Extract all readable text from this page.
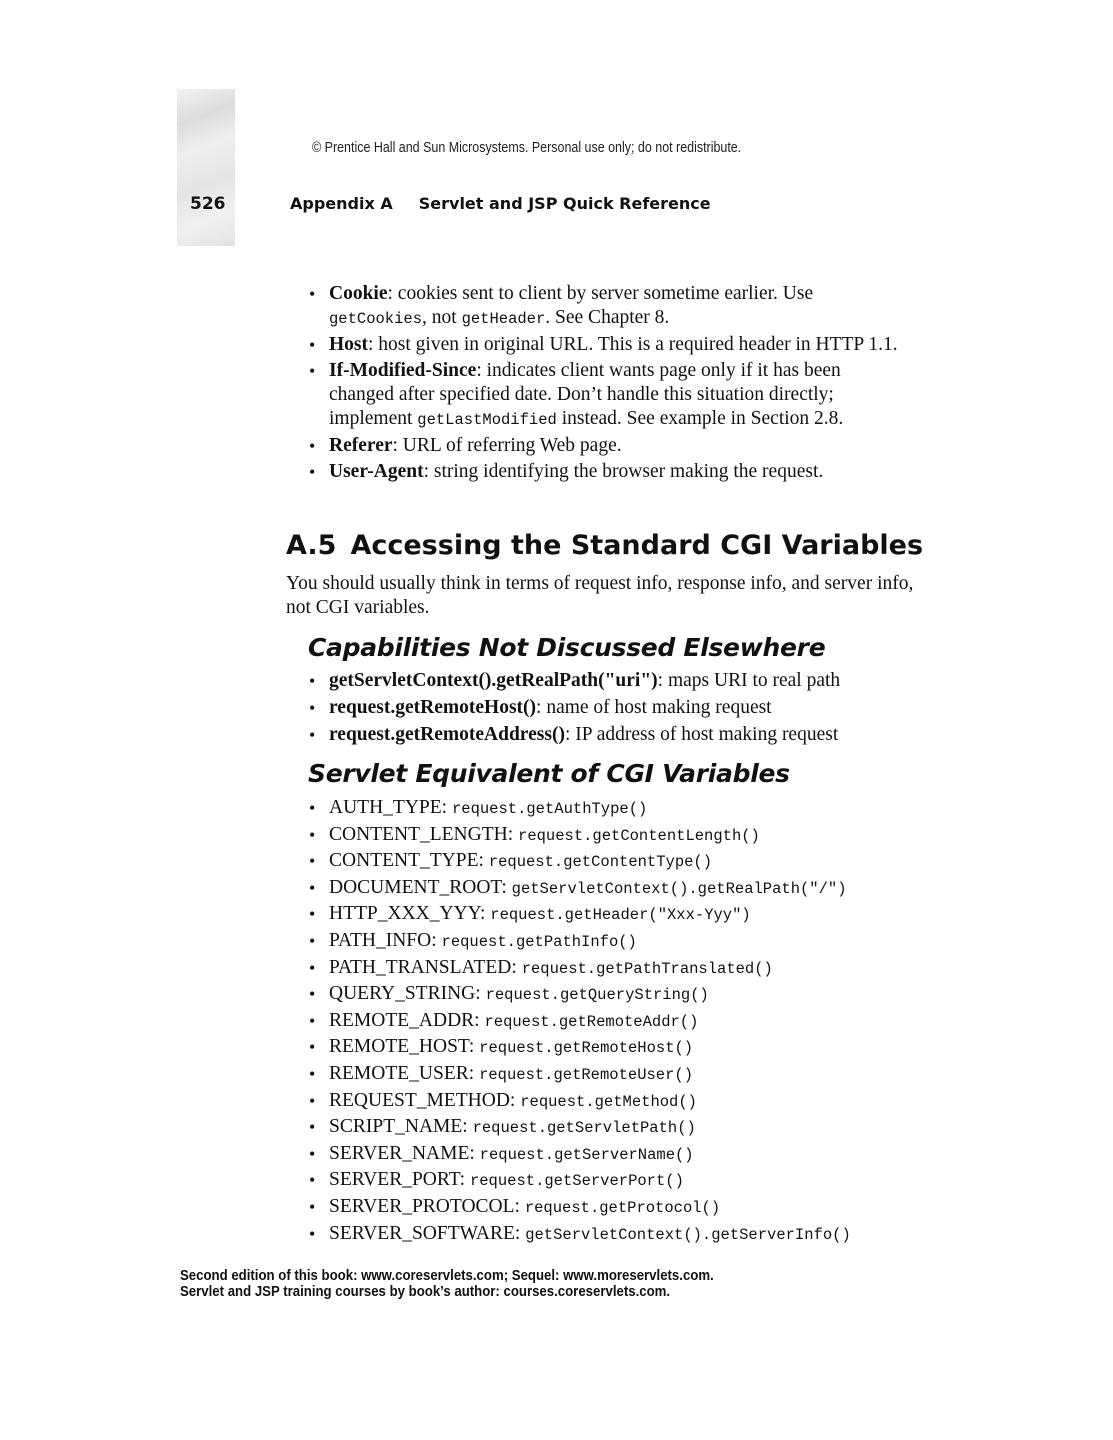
526
© Prentice Hall and Sun Microsystems. Personal use only; do not redistribute.
Appendix A Servlet and JSP Quick Reference
• Cookie: cookies sent to client by server sometime earlier. Use getCookies, not getHeader. See Chapter 8.
• Host: host given in original URL. This is a required header in HTTP 1.1.
• If-Modified-Since: indicates client wants page only if it has been changed after specified date. Don’t handle this situation directly; implement getLastModified instead. See example in Section 2.8.
• Referer: URL of referring Web page.
• User-Agent: string identifying the browser making the request.
A.5 Accessing the Standard CGI Variables
You should usually think in terms of request info, response info, and server info, not CGI variables.
Capabilities Not Discussed Elsewhere
• getServletContext().getRealPath("uri"): maps URI to real path
• request.getRemoteHost(): name of host making request
• request.getRemoteAddress(): IP address of host making request
Servlet Equivalent of CGI Variables
• AUTH_TYPE: request.getAuthType()
• CONTENT_LENGTH: request.getContentLength()
• CONTENT_TYPE: request.getContentType()
• DOCUMENT_ROOT: getServletContext().getRealPath("/")
• HTTP_XXX_YYY: request.getHeader("Xxx-Yyy")
• PATH_INFO: request.getPathInfo()
• PATH_TRANSLATED: request.getPathTranslated()
• QUERY_STRING: request.getQueryString()
• REMOTE_ADDR: request.getRemoteAddr()
• REMOTE_HOST: request.getRemoteHost()
• REMOTE_USER: request.getRemoteUser()
• REQUEST_METHOD: request.getMethod()
• SCRIPT_NAME: request.getServletPath()
• SERVER_NAME: request.getServerName()
• SERVER_PORT: request.getServerPort()
• SERVER_PROTOCOL: request.getProtocol()
• SERVER_SOFTWARE: getServletContext().getServerInfo()
Second edition of this book: www.coreservlets.com; Sequel: www.moreservlets.com.
Servlet and JSP training courses by book’s author: courses.coreservlets.com.
